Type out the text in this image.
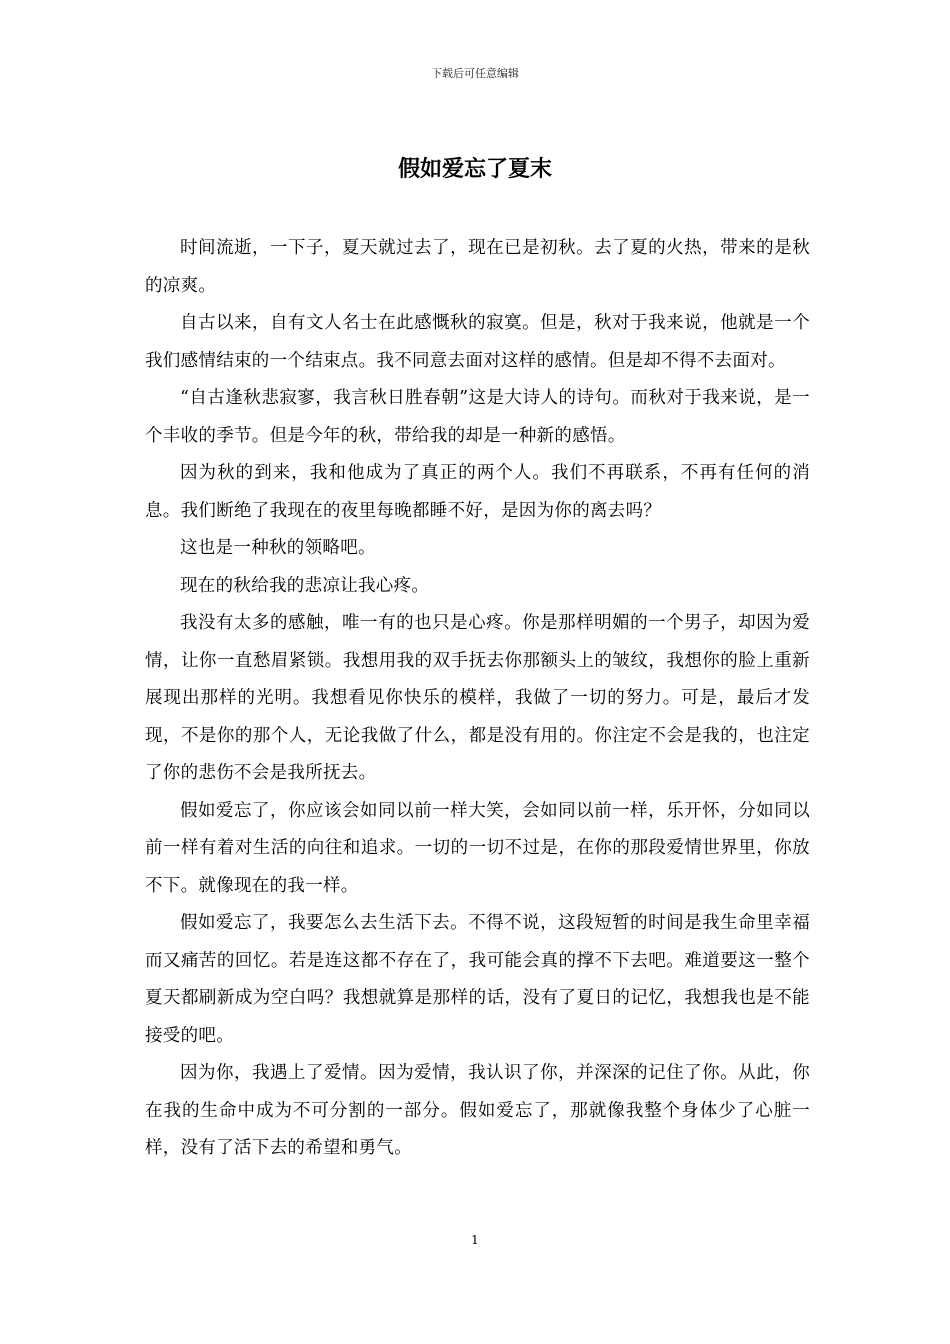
下载后可任意编辑
假如爱忘了夏末

时间流逝，一下子，夏天就过去了，现在已是初秋。去了夏的火热，带来的是秋的凉爽。

自古以来，自有文人名士在此感慨秋的寂寞。但是，秋对于我来说，他就是一个我们感情结束的一个结束点。我不同意去面对这样的感情。但是却不得不去面对。

“自古逢秋悲寂寥，我言秋日胜春朝”这是大诗人的诗句。而秋对于我来说，是一个丰收的季节。但是今年的秋，带给我的却是一种新的感悟。

因为秋的到来，我和他成为了真正的两个人。我们不再联系，不再有任何的消息。我们断绝了我现在的夜里每晚都睡不好，是因为你的离去吗？

这也是一种秋的领略吧。

现在的秋给我的悲凉让我心疼。

我没有太多的感触，唯一有的也只是心疼。你是那样明媚的一个男子，却因为爱情，让你一直愁眉紧锁。我想用我的双手抚去你那额头上的皱纹，我想你的脸上重新展现出那样的光明。我想看见你快乐的模样，我做了一切的努力。可是，最后才发现，不是你的那个人，无论我做了什么，都是没有用的。你注定不会是我的，也注定了你的悲伤不会是我所抚去。

假如爱忘了，你应该会如同以前一样大笑，会如同以前一样，乐开怀，分如同以前一样有着对生活的向往和追求。一切的一切不过是，在你的那段爱情世界里，你放不下。就像现在的我一样。

假如爱忘了，我要怎么去生活下去。不得不说，这段短暂的时间是我生命里幸福而又痛苦的回忆。若是连这都不存在了，我可能会真的撑不下去吧。难道要这一整个夏天都刷新成为空白吗？我想就算是那样的话，没有了夏日的记忆，我想我也是不能接受的吧。

因为你，我遇上了爱情。因为爱情，我认识了你，并深深的记住了你。从此，你在我的生命中成为不可分割的一部分。假如爱忘了，那就像我整个身体少了心脏一样，没有了活下去的希望和勇气。

1
